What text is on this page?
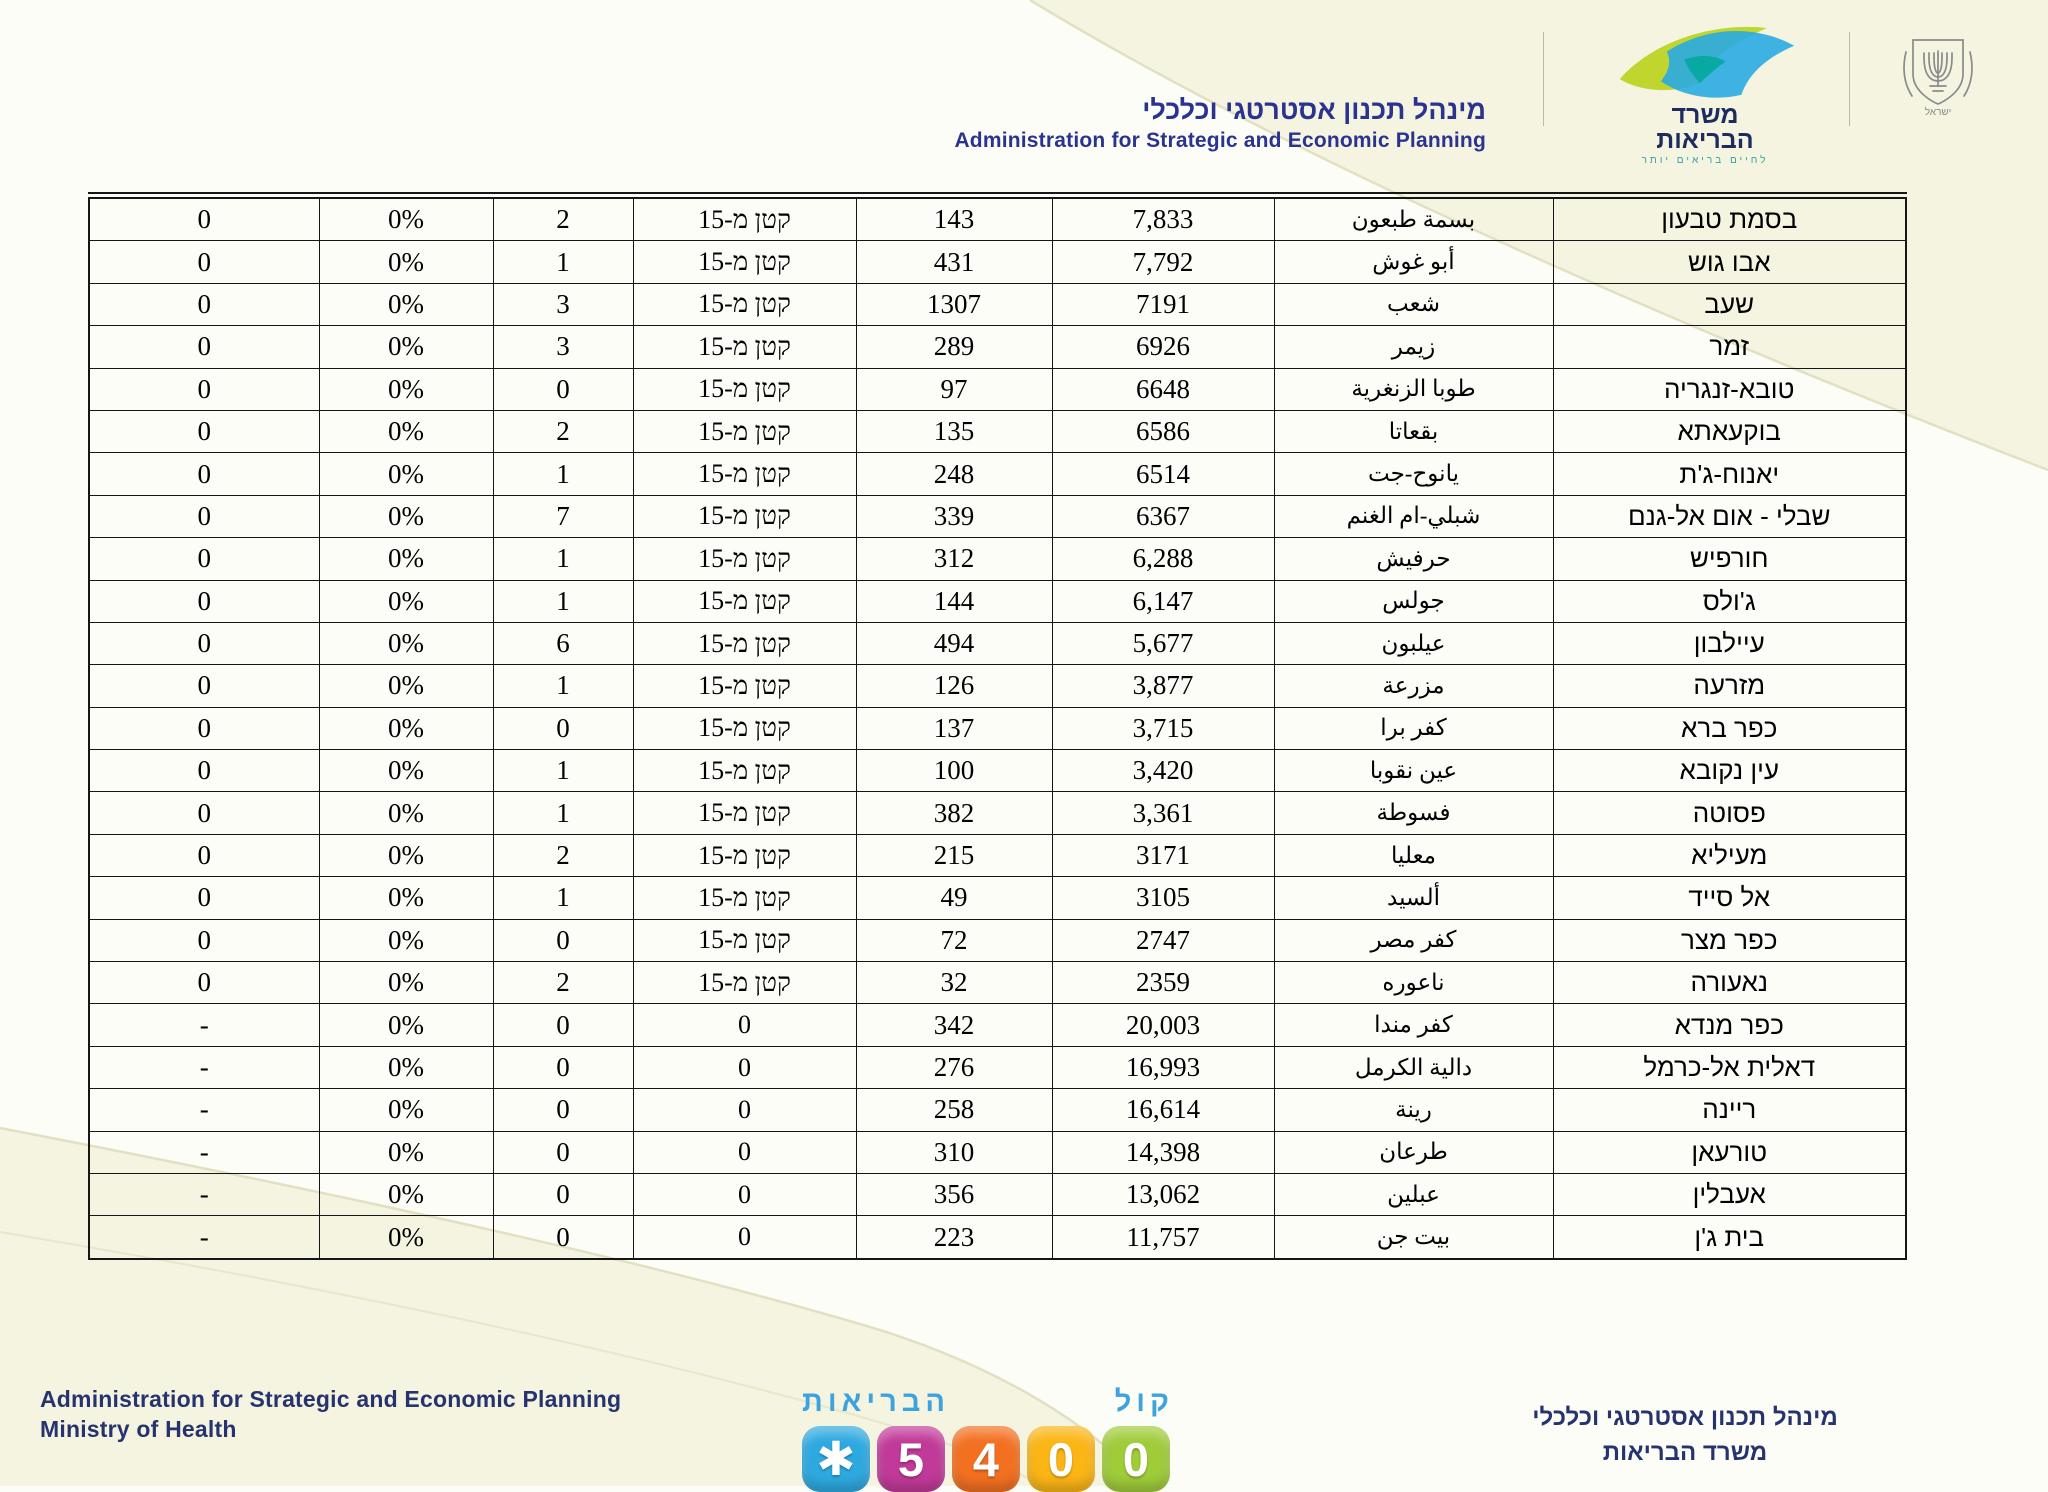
מינהל תכנון אסטרטגי וכלכלי
Administration for Strategic and Economic Planning
משרד
הבריאות
לחיים בריאים יותר
ישראל
0	0%	2	קטן מ-15	143	7,833	بسمة طبعون	בסמת טבעון
0	0%	1	קטן מ-15	431	7,792	أبو غوش	אבו גוש
0	0%	3	קטן מ-15	1307	7191	شعب	שעב
0	0%	3	קטן מ-15	289	6926	زيمر	זמר
0	0%	0	קטן מ-15	97	6648	طوبا الزنغرية	טובא-זנגריה
0	0%	2	קטן מ-15	135	6586	بقعاتا	בוקעאתא
0	0%	1	קטן מ-15	248	6514	يانوح-جت	יאנוח-ג'ת
0	0%	7	קטן מ-15	339	6367	شبلي-ام الغنم	שבלי - אום אל-גנם
0	0%	1	קטן מ-15	312	6,288	حرفيش	חורפיש
0	0%	1	קטן מ-15	144	6,147	جولس	ג'ולס
0	0%	6	קטן מ-15	494	5,677	عيلبون	עיילבון
0	0%	1	קטן מ-15	126	3,877	مزرعة	מזרעה
0	0%	0	קטן מ-15	137	3,715	كفر برا	כפר ברא
0	0%	1	קטן מ-15	100	3,420	عين نقوبا	עין נקובא
0	0%	1	קטן מ-15	382	3,361	فسوطة	פסוטה
0	0%	2	קטן מ-15	215	3171	معليا	מעיליא
0	0%	1	קטן מ-15	49	3105	ألسيد	אל סייד
0	0%	0	קטן מ-15	72	2747	كفر مصر	כפר מצר
0	0%	2	קטן מ-15	32	2359	ناعوره	נאעורה
-	0%	0	0	342	20,003	كفر مندا	כפר מנדא
-	0%	0	0	276	16,993	دالية الكرمل	דאלית אל-כרמל
-	0%	0	0	258	16,614	رينة	ריינה
-	0%	0	0	310	14,398	طرعان	טורעאן
-	0%	0	0	356	13,062	عبلين	אעבלין
-	0%	0	0	223	11,757	بيت جن	בית ג'ן
Administration for Strategic and Economic Planning
Ministry of Health
קול
הבריאות
✱ 5	4	0	0
מינהל תכנון אסטרטגי וכלכלי
משרד הבריאות
